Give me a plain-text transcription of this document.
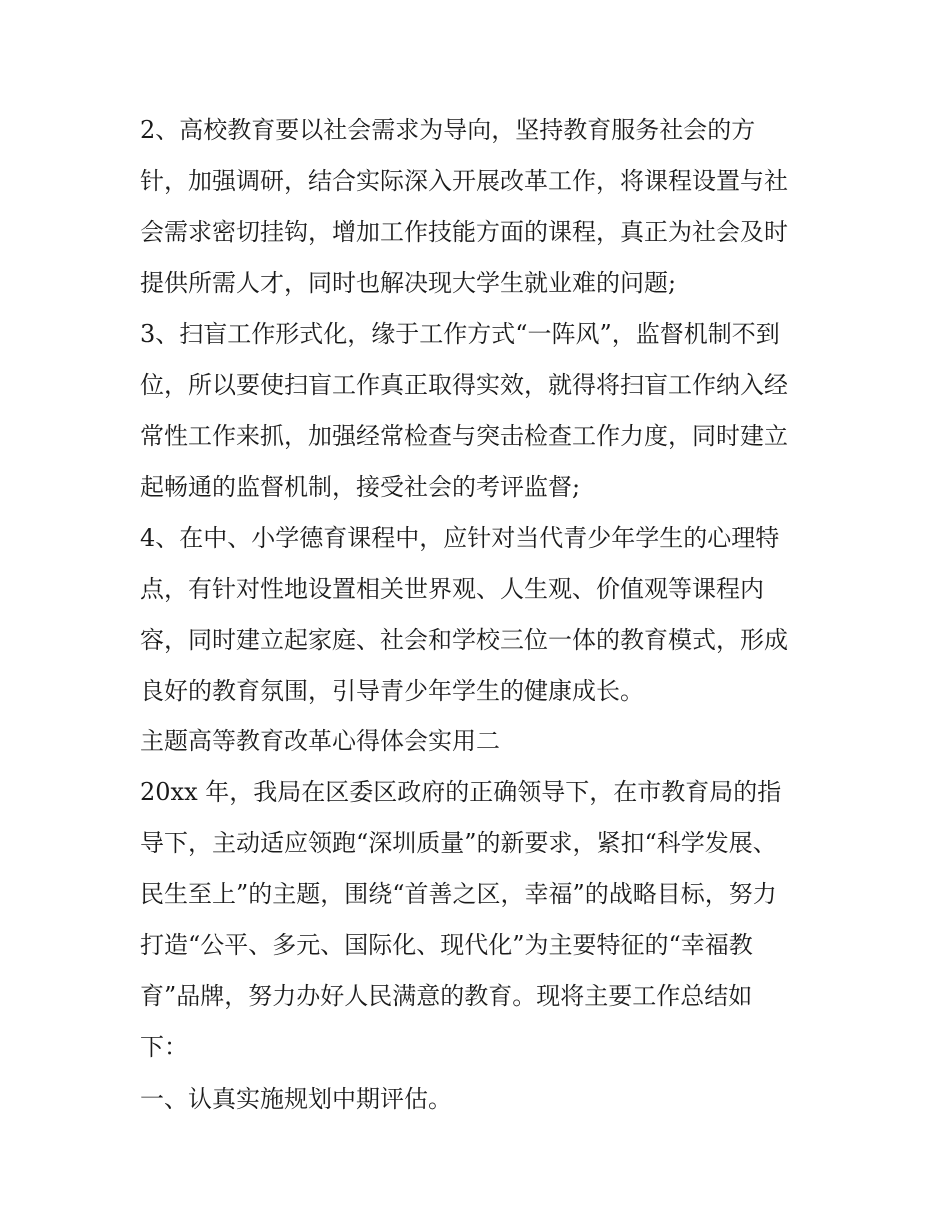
2、高校教育要以社会需求为导向，坚持教育服务社会的方
针，加强调研，结合实际深入开展改革工作，将课程设置与社
会需求密切挂钩，增加工作技能方面的课程，真正为社会及时
提供所需人才，同时也解决现大学生就业难的问题;
3、扫盲工作形式化，缘于工作方式“一阵风”，监督机制不到
位，所以要使扫盲工作真正取得实效，就得将扫盲工作纳入经
常性工作来抓，加强经常检查与突击检查工作力度，同时建立
起畅通的监督机制，接受社会的考评监督;
4、在中、小学德育课程中，应针对当代青少年学生的心理特
点，有针对性地设置相关世界观、人生观、价值观等课程内
容，同时建立起家庭、社会和学校三位一体的教育模式，形成
良好的教育氛围，引导青少年学生的健康成长。
主题高等教育改革心得体会实用二
20xx 年，我局在区委区政府的正确领导下，在市教育局的指
导下，主动适应领跑“深圳质量”的新要求，紧扣“科学发展、
民生至上”的主题，围绕“首善之区，幸福”的战略目标，努力
打造“公平、多元、国际化、现代化”为主要特征的“幸福教
育”品牌，努力办好人民满意的教育。现将主要工作总结如
下：
一、认真实施规划中期评估。
